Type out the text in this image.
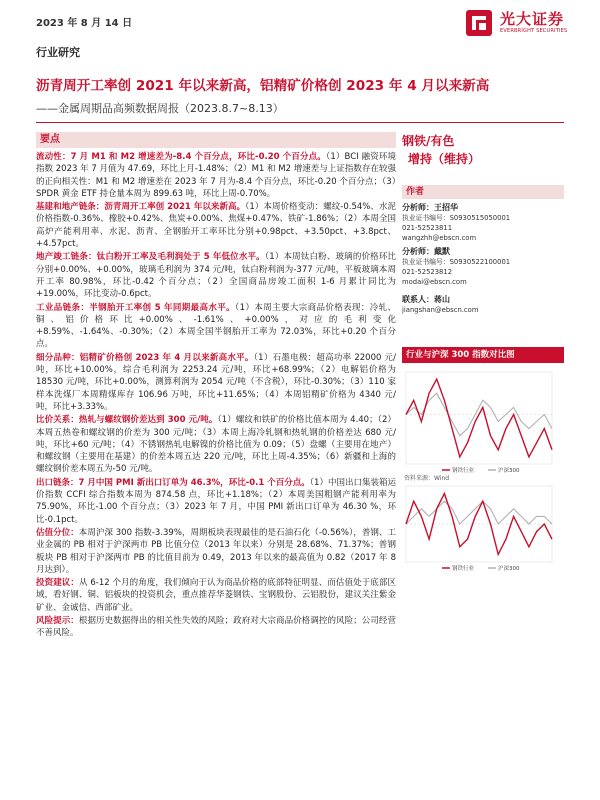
2023 年 8 月 14 日	光大证券
EVERBRIGHT SECURITIES
行业研究
沥青周开工率创 2021 年以来新高，铝精矿价格创 2023 年 4 月以来新高
——金属周期品高频数据周报（2023.8.7~8.13）
要点
流动性：7 月 M1 和 M2 增速差为-8.4 个百分点，环比-0.20 个百分点。（1）BCI 融资环境指数 2023 年 7 月值为 47.69，环比上月-1.48%；（2）M1 和 M2 增速差与上证指数存在较强的正向相关性：M1 和 M2 增速差在 2023 年 7 月为-8.4 个百分点，环比-0.20 个百分点；（3）SPDR 黄金 ETF 持仓量本周为 899.63 吨，环比上周-0.70%。
基建和地产链条：沥青周开工率创 2021 年以来新高。（1）本周价格变动：螺纹-0.54%、水泥价格指数-0.36%、橡胶+0.42%、焦炭+0.00%、焦煤+0.47%、铁矿-1.86%；（2）本周全国高炉产能利用率、水泥、沥青、全钢胎开工率环比分别+0.98pct、+3.50pct、+3.8pct、+4.57pct。
地产竣工链条：钛白粉开工率及毛利润处于 5 年低位水平。（1）本周钛白粉、玻璃的价格环比分别+0.00%、+0.00%，玻璃毛利润为 374 元/吨，钛白粉利润为-377 元/吨，平板玻璃本周开工率 80.98%，环比-0.42 个百分点；（2）全国商品房竣工面积 1-6 月累计同比为+19.00%，环比变动-0.6pct。
工业品链条：半钢胎开工率创 5 年同期最高水平。（1）本周主要大宗商品价格表现：冷轧、铜、铝价格环比+0.00%、-1.61%、+0.00%，对应的毛利变化+8.59%、-1.64%、-0.30%；（2）本周全国半钢胎开工率为 72.03%，环比+0.20 个百分点。
细分品种：铝精矿价格创 2023 年 4 月以来新高水平。（1）石墨电极：超高功率 22000 元/吨，环比+10.00%，综合毛利润为 2253.24 元/吨，环比+68.99%；（2）电解铝价格为 18530 元/吨，环比+0.00%，测算利润为 2054 元/吨（不含税），环比-0.30%；（3）110 家样本洗煤厂本周精煤库存 106.96 万吨，环比+11.65%；（4）本周铝精矿价格为 4340 元/吨，环比+3.33%。
比价关系：热轧与螺纹钢价差达到 300 元/吨。（1）螺纹和铁矿的价格比值本周为 4.40；（2）本周五热卷和螺纹钢的价差为 300 元/吨；（3）本周上海冷轧钢和热轧钢的价格差达 680 元/吨，环比+60 元/吨；（4）不锈钢热轧电解镍的价格比值为 0.09；（5）盘螺（主要用在地产）和螺纹钢（主要用在基建）的价差本周五达 220 元/吨，环比上周-4.35%；（6）新疆和上海的螺纹钢价差本周五为-50 元/吨。
出口链条：7 月中国 PMI 新出口订单为 46.3%，环比-0.1 个百分点。（1）中国出口集装箱运价指数 CCFI 综合指数本周为 874.58 点，环比+1.18%；（2）本周美国粗钢产能利用率为 75.90%，环比-1.00 个百分点；（3）2023 年 7 月，中国 PMI 新出口订单为 46.30 %，环比-0.1pct。
估值分位：本周沪深 300 指数-3.39%，周期板块表现最佳的是石油石化（-0.56%），普钢、工业金属的 PB 相对于沪深两市 PB 比值分位（2013 年以来）分别是 28.68%、71.37%；普钢板块 PB 相对于沪深两市 PB 的比值目前为 0.49，2013 年以来的最高值为 0.82（2017 年 8 月达到）。
投资建议：从 6-12 个月的角度，我们倾向于认为商品价格的底部特征明显、而估值处于底部区域，看好钢、铜、铝板块的投资机会，重点推荐华菱钢铁、宝钢股份、云铝股份，建议关注紫金矿业、金诚信、西部矿业。
风险提示：根据历史数据得出的相关性失效的风险；政府对大宗商品价格调控的风险；公司经营不善风险。
钢铁/有色
增持（维持）
作者
分析师：王招华
执业证书编号：S0930515050001
021-52523811
wangzhh@ebscn.com
分析师：戴默
执业证书编号：S0930522100001
021-52523812
modai@ebscn.com
联系人：蒋山
jiangshan@ebscn.com
行业与沪深 300 指数对比图
钢铁行业	沪深300
钢铁行业	沪深300
资料来源：Wind
